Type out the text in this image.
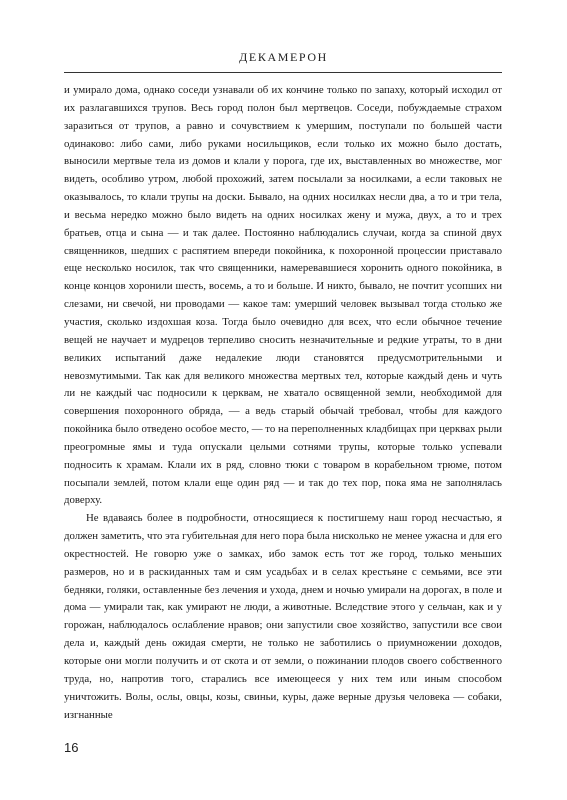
ДЕКАМЕРОН

и умирало дома, однако соседи узнавали об их кончине только по запаху, который исходил от их разлагавшихся трупов. Весь город полон был мертвецов. Соседи, побуждаемые страхом заразиться от трупов, а равно и сочувствием к умершим, поступали по большей части одинаково: либо сами, либо руками носильщиков, если только их можно было достать, выносили мертвые тела из домов и клали у порога, где их, выставленных во множестве, мог видеть, особливо утром, любой прохожий, затем посылали за носилками, а если таковых не оказывалось, то клали трупы на доски. Бывало, на одних носилках несли два, а то и три тела, и весьма нередко можно было видеть на одних носилках жену и мужа, двух, а то и трех братьев, отца и сына — и так далее. Постоянно наблюдались случаи, когда за спиной двух священников, шедших с распятием впереди покойника, к похоронной процессии приставало еще несколько носилок, так что священники, намеревавшиеся хоронить одного покойника, в конце концов хоронили шесть, восемь, а то и больше. И никто, бывало, не почтит усопших ни слезами, ни свечой, ни проводами — какое там: умерший человек вызывал тогда столько же участия, сколько издохшая коза. Тогда было очевидно для всех, что если обычное течение вещей не научает и мудрецов терпеливо сносить незначительные и редкие утраты, то в дни великих испытаний даже недалекие люди становятся предусмотрительными и невозмутимыми. Так как для великого множества мертвых тел, которые каждый день и чуть ли не каждый час подносили к церквам, не хватало освященной земли, необходимой для совершения похоронного обряда, — а ведь старый обычай требовал, чтобы для каждого покойника было отведено особое место, — то на переполненных кладбищах при церквах рыли преогромные ямы и туда опускали целыми сотнями трупы, которые только успевали подносить к храмам. Клали их в ряд, словно тюки с товаром в корабельном трюме, потом посыпали землей, потом клали еще один ряд — и так до тех пор, пока яма не заполнялась доверху.

Не вдаваясь более в подробности, относящиеся к постигшему наш город несчастью, я должен заметить, что эта губительная для него пора была нисколько не менее ужасна и для его окрестностей. Не говорю уже о замках, ибо замок есть тот же город, только меньших размеров, но и в раскиданных там и сям усадьбах и в селах крестьяне с семьями, все эти бедняки, голяки, оставленные без лечения и ухода, днем и ночью умирали на дорогах, в поле и дома — умирали так, как умирают не люди, а животные. Вследствие этого у сельчан, как и у горожан, наблюдалось ослабление нравов; они запустили свое хозяйство, запустили все свои дела и, каждый день ожидая смерти, не только не заботились о приумножении доходов, которые они могли получить и от скота и от земли, о пожинании плодов своего собственного труда, но, напротив того, старались все имеющееся у них тем или иным способом уничтожить. Волы, ослы, овцы, козы, свиньи, куры, даже верные друзья человека — собаки, изгнанные

16
